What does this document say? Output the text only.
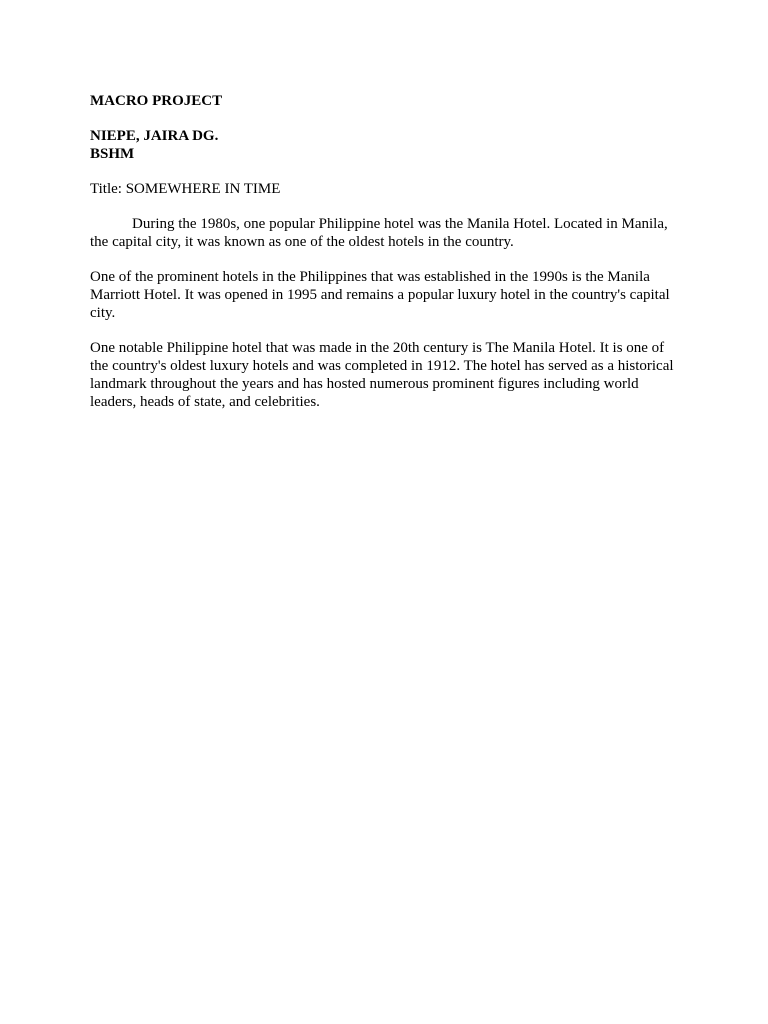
MACRO PROJECT

NIEPE, JAIRA DG.
BSHM

Title: SOMEWHERE IN TIME

During the 1980s, one popular Philippine hotel was the Manila Hotel. Located in Manila, the capital city, it was known as one of the oldest hotels in the country.

One of the prominent hotels in the Philippines that was established in the 1990s is the Manila Marriott Hotel. It was opened in 1995 and remains a popular luxury hotel in the country's capital city.

One notable Philippine hotel that was made in the 20th century is The Manila Hotel. It is one of the country's oldest luxury hotels and was completed in 1912. The hotel has served as a historical landmark throughout the years and has hosted numerous prominent figures including world leaders, heads of state, and celebrities.
